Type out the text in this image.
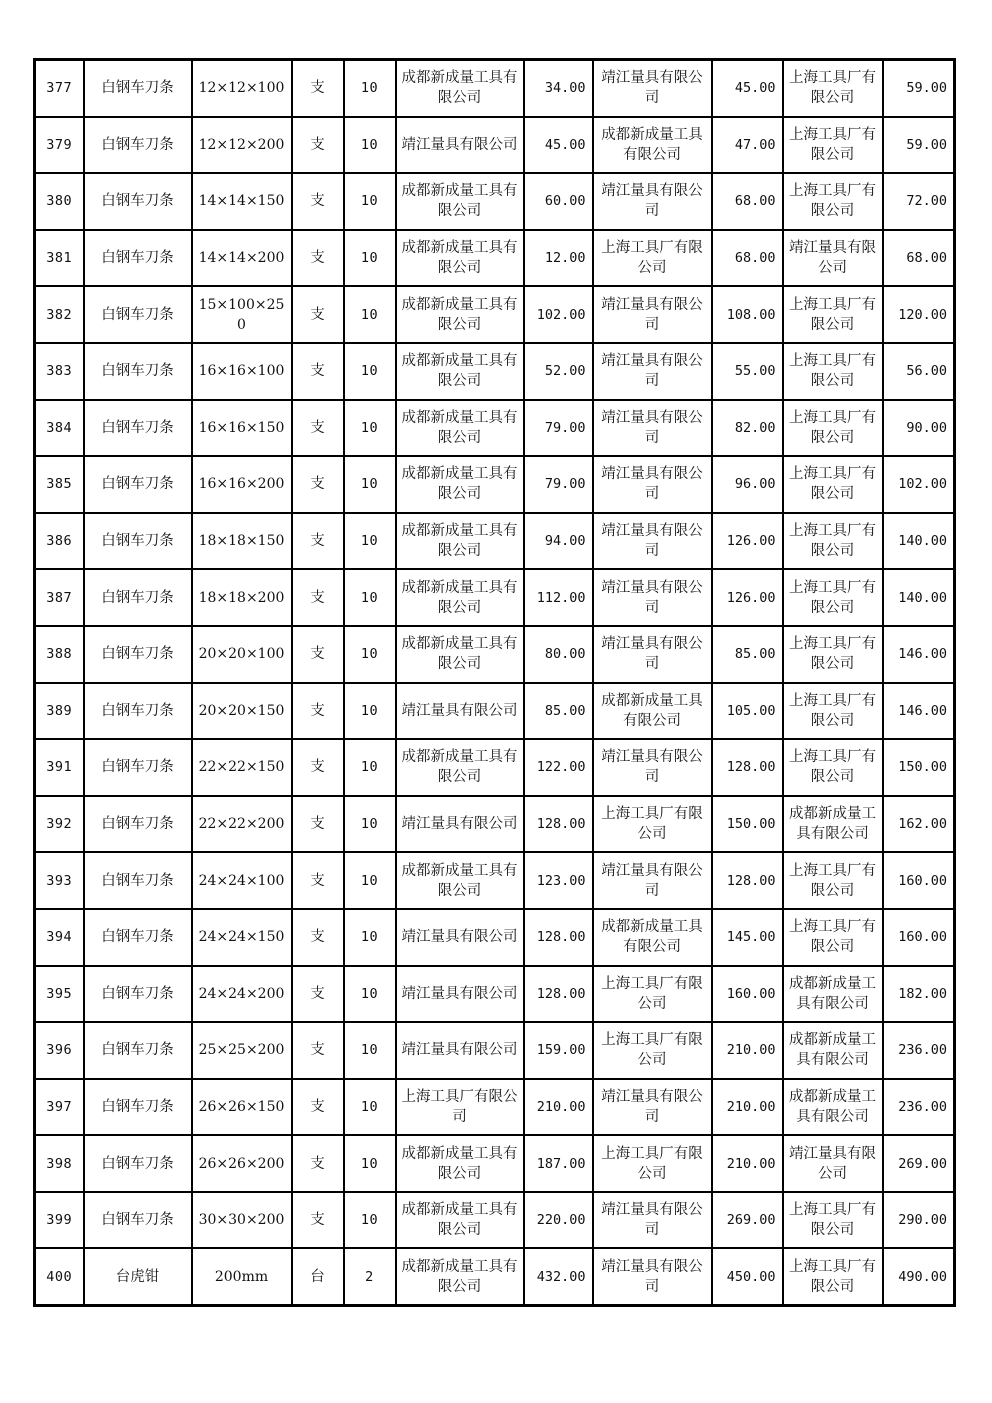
377	白钢车刀条	12×12×100	支	10	成都新成量工具有限公司	34.00	靖江量具有限公司	45.00	上海工具厂有限公司	59.00
379	白钢车刀条	12×12×200	支	10	靖江量具有限公司	45.00	成都新成量工具有限公司	47.00	上海工具厂有限公司	59.00
380	白钢车刀条	14×14×150	支	10	成都新成量工具有限公司	60.00	靖江量具有限公司	68.00	上海工具厂有限公司	72.00
381	白钢车刀条	14×14×200	支	10	成都新成量工具有限公司	12.00	上海工具厂有限公司	68.00	靖江量具有限公司	68.00
382	白钢车刀条	15×100×250	支	10	成都新成量工具有限公司	102.00	靖江量具有限公司	108.00	上海工具厂有限公司	120.00
383	白钢车刀条	16×16×100	支	10	成都新成量工具有限公司	52.00	靖江量具有限公司	55.00	上海工具厂有限公司	56.00
384	白钢车刀条	16×16×150	支	10	成都新成量工具有限公司	79.00	靖江量具有限公司	82.00	上海工具厂有限公司	90.00
385	白钢车刀条	16×16×200	支	10	成都新成量工具有限公司	79.00	靖江量具有限公司	96.00	上海工具厂有限公司	102.00
386	白钢车刀条	18×18×150	支	10	成都新成量工具有限公司	94.00	靖江量具有限公司	126.00	上海工具厂有限公司	140.00
387	白钢车刀条	18×18×200	支	10	成都新成量工具有限公司	112.00	靖江量具有限公司	126.00	上海工具厂有限公司	140.00
388	白钢车刀条	20×20×100	支	10	成都新成量工具有限公司	80.00	靖江量具有限公司	85.00	上海工具厂有限公司	146.00
389	白钢车刀条	20×20×150	支	10	靖江量具有限公司	85.00	成都新成量工具有限公司	105.00	上海工具厂有限公司	146.00
391	白钢车刀条	22×22×150	支	10	成都新成量工具有限公司	122.00	靖江量具有限公司	128.00	上海工具厂有限公司	150.00
392	白钢车刀条	22×22×200	支	10	靖江量具有限公司	128.00	上海工具厂有限公司	150.00	成都新成量工具有限公司	162.00
393	白钢车刀条	24×24×100	支	10	成都新成量工具有限公司	123.00	靖江量具有限公司	128.00	上海工具厂有限公司	160.00
394	白钢车刀条	24×24×150	支	10	靖江量具有限公司	128.00	成都新成量工具有限公司	145.00	上海工具厂有限公司	160.00
395	白钢车刀条	24×24×200	支	10	靖江量具有限公司	128.00	上海工具厂有限公司	160.00	成都新成量工具有限公司	182.00
396	白钢车刀条	25×25×200	支	10	靖江量具有限公司	159.00	上海工具厂有限公司	210.00	成都新成量工具有限公司	236.00
397	白钢车刀条	26×26×150	支	10	上海工具厂有限公司	210.00	靖江量具有限公司	210.00	成都新成量工具有限公司	236.00
398	白钢车刀条	26×26×200	支	10	成都新成量工具有限公司	187.00	上海工具厂有限公司	210.00	靖江量具有限公司	269.00
399	白钢车刀条	30×30×200	支	10	成都新成量工具有限公司	220.00	靖江量具有限公司	269.00	上海工具厂有限公司	290.00
400	台虎钳	200mm	台	2	成都新成量工具有限公司	432.00	靖江量具有限公司	450.00	上海工具厂有限公司	490.00
